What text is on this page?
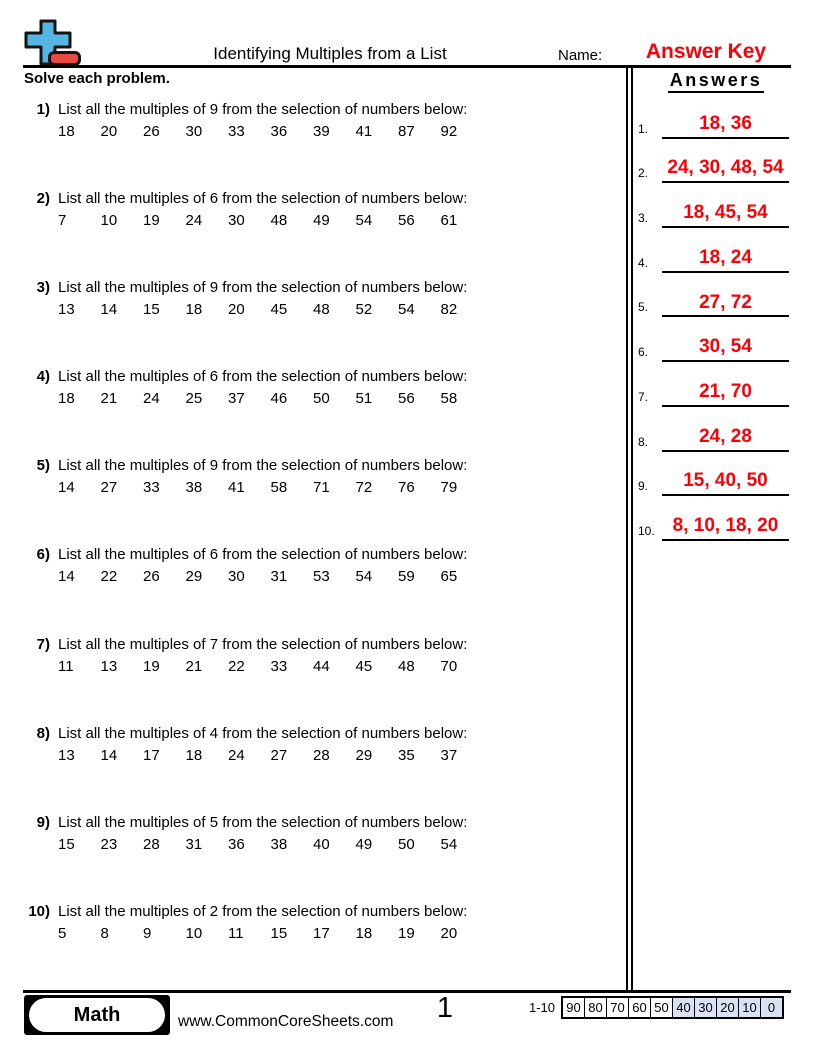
Identifying Multiples from a List	Name:	Answer Key
Solve each problem.
1) List all the multiples of 9 from the selection of numbers below:
18	20	26	30	33	36	39	41	87	92
2) List all the multiples of 6 from the selection of numbers below:
7	10	19	24	30	48	49	54	56	61
3) List all the multiples of 9 from the selection of numbers below:
13	14	15	18	20	45	48	52	54	82
4) List all the multiples of 6 from the selection of numbers below:
18	21	24	25	37	46	50	51	56	58
5) List all the multiples of 9 from the selection of numbers below:
14	27	33	38	41	58	71	72	76	79
6) List all the multiples of 6 from the selection of numbers below:
14	22	26	29	30	31	53	54	59	65
7) List all the multiples of 7 from the selection of numbers below:
11	13	19	21	22	33	44	45	48	70
8) List all the multiples of 4 from the selection of numbers below:
13	14	17	18	24	27	28	29	35	37
9) List all the multiples of 5 from the selection of numbers below:
15	23	28	31	36	38	40	49	50	54
10) List all the multiples of 2 from the selection of numbers below:
5	8	9	10	11	15	17	18	19	20
Answers
1.	18, 36
2.	24, 30, 48, 54
3.	18, 45, 54
4.	18, 24
5.	27, 72
6.	30, 54
7.	21, 70
8.	24, 28
9.	15, 40, 50
10. 8, 10, 18, 20
Math	www.CommonCoreSheets.com	1	1-10 90 80 70 60 50 40 30 20 10 0
